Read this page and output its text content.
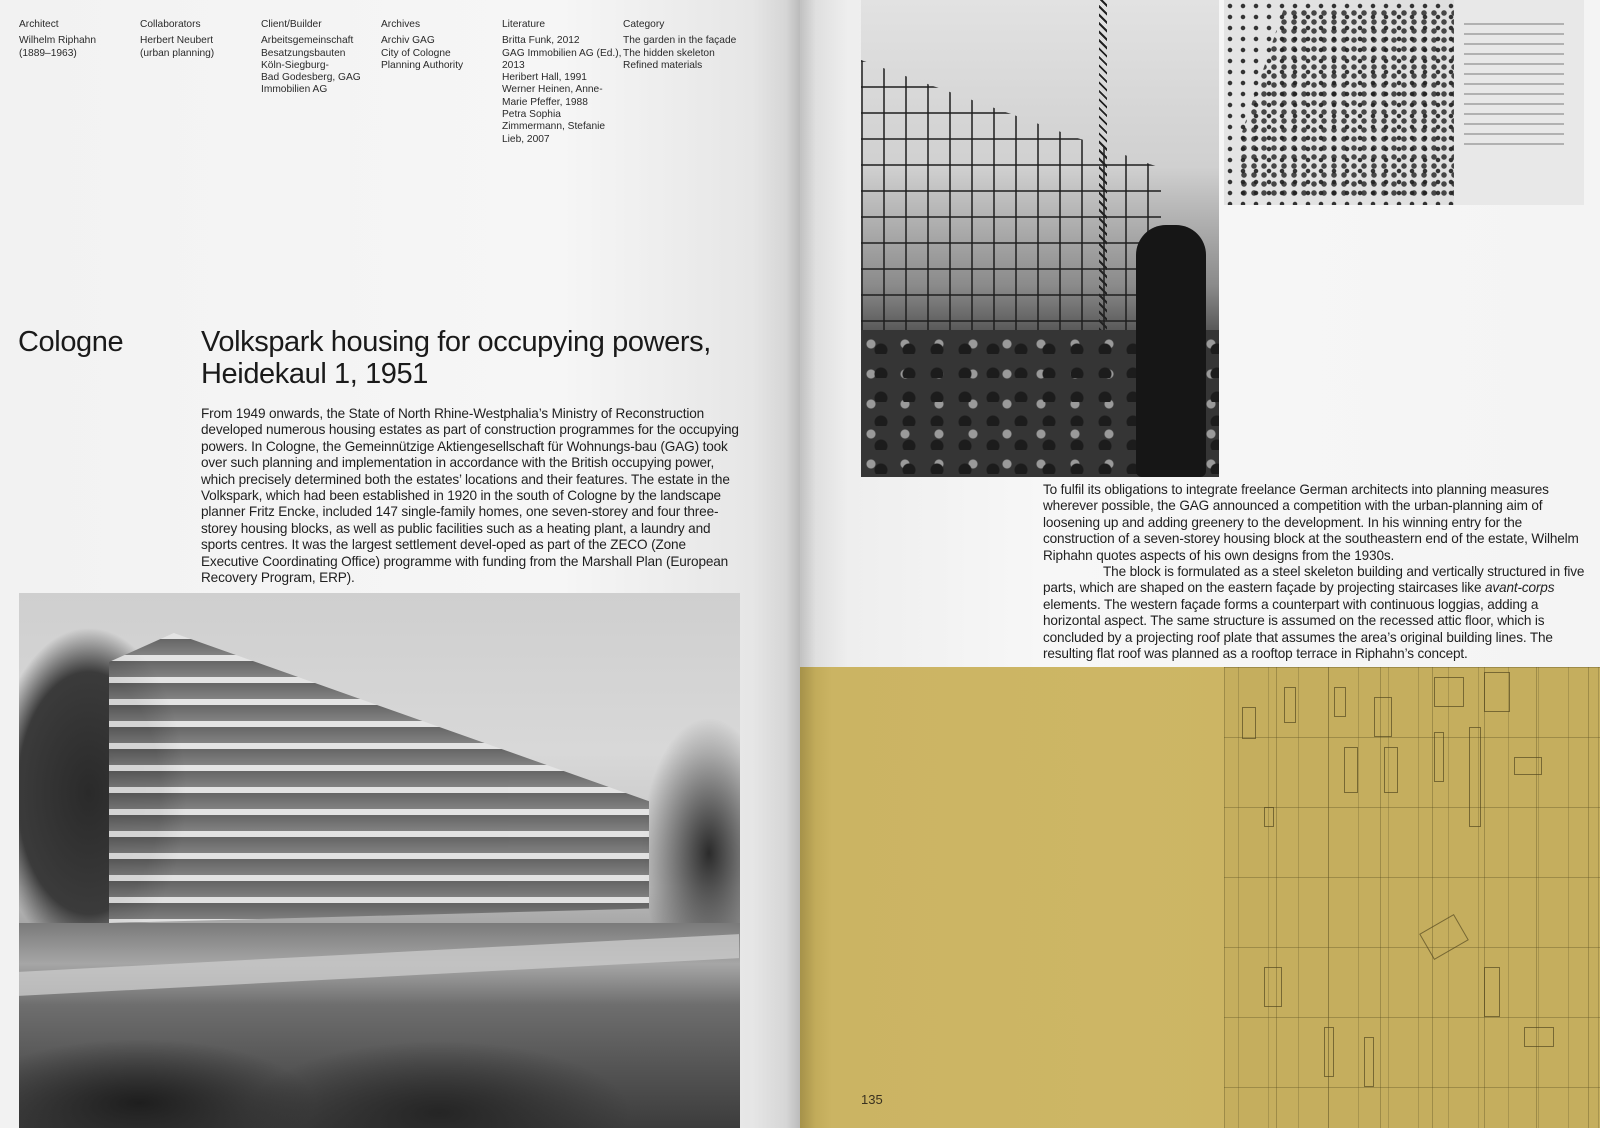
Architect
Wilhelm Riphahn
(1889–1963)
Collaborators
Herbert Neubert
(urban planning)
Client/Builder
Arbeitsgemeinschaft
Besatzungsbauten
Köln-Siegburg-
Bad Godesberg, GAG
Immobilien AG
Archives
Archiv GAG
City of Cologne
Planning Authority
Literature
Britta Funk, 2012
GAG Immobilien AG (Ed.),
2013
Heribert Hall, 1991
Werner Heinen, Anne-
Marie Pfeffer, 1988
Petra Sophia
Zimmermann, Stefanie
Lieb, 2007
Category
The garden in the façade
The hidden skeleton
Refined materials
Cologne	Volkspark housing for occupying powers, Heidekaul 1, 1951

From 1949 onwards, the State of North Rhine-Westphalia’s Ministry of Reconstruction developed numerous housing estates as part of construction programmes for the occupying powers. In Cologne, the Gemeinnützige Aktiengesellschaft für Wohnungs-bau (GAG) took over such planning and implementation in accordance with the British occupying power, which precisely determined both the estates’ locations and their features. The estate in the Volkspark, which had been established in 1920 in the south of Cologne by the landscape planner Fritz Encke, included 147 single-family homes, one seven-storey and four three-storey housing blocks, as well as public facilities such as a heating plant, a laundry and sports centres. It was the largest settlement devel-oped as part of the ZECO (Zone Executive Coordinating Office) programme with funding from the Marshall Plan (European Recovery Program, ERP).

To fulfil its obligations to integrate freelance German architects into planning measures wherever possible, the GAG announced a competition with the urban-planning aim of loosening up and adding greenery to the development. In his winning entry for the construction of a seven-storey housing block at the southeastern end of the estate, Wilhelm Riphahn quotes aspects of his own designs from the 1930s.

The block is formulated as a steel skeleton building and vertically structured in five parts, which are shaped on the eastern façade by projecting staircases like avant-corps elements. The western façade forms a counterpart with continuous loggias, adding a horizontal aspect. The same structure is assumed on the recessed attic floor, which is concluded by a projecting roof plate that assumes the area’s original building lines. The resulting flat roof was planned as a rooftop terrace in Riphahn’s concept.

135
